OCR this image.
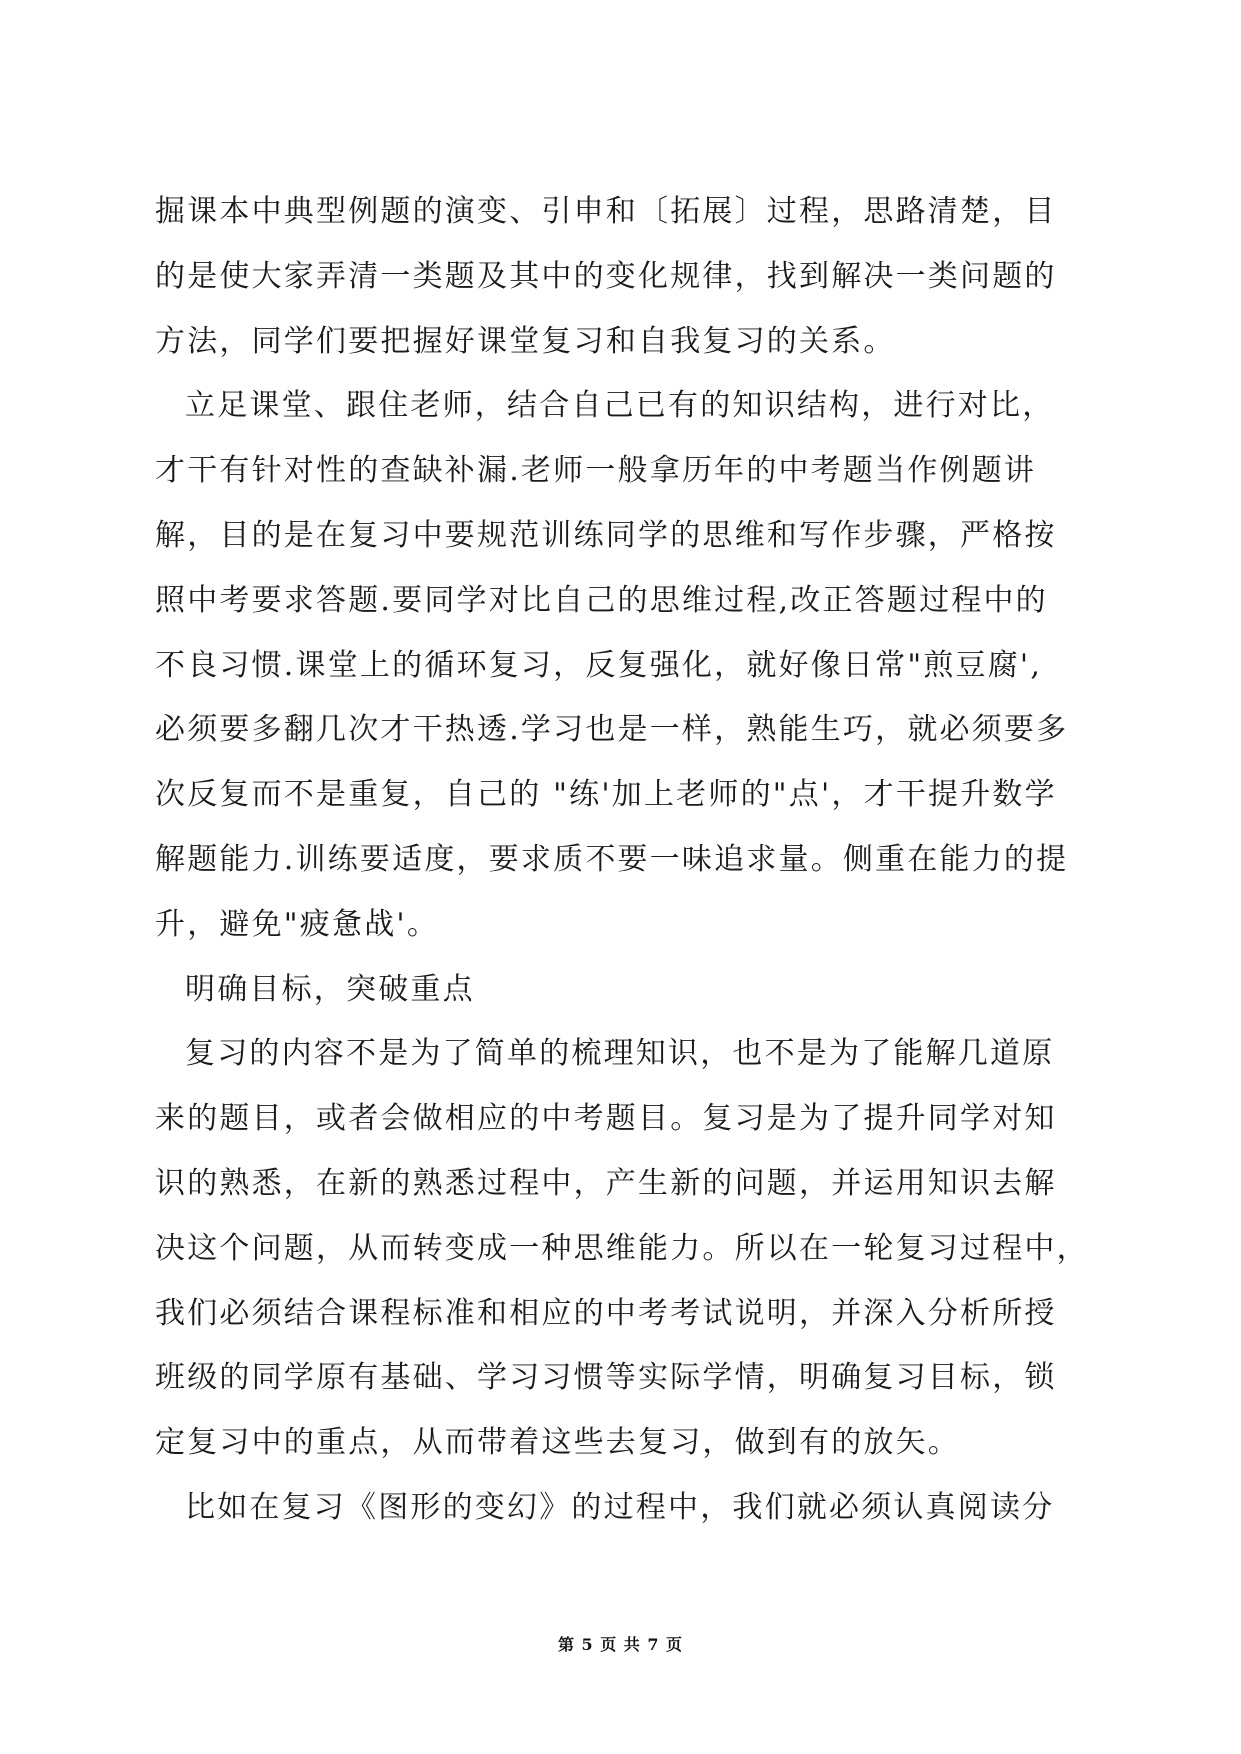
掘课本中典型例题的演变、引申和〔拓展〕过程，思路清楚，目
的是使大家弄清一类题及其中的变化规律，找到解决一类问题的
方法，同学们要把握好课堂复习和自我复习的关系。
立足课堂、跟住老师，结合自己已有的知识结构，进行对比，
才干有针对性的查缺补漏.老师一般拿历年的中考题当作例题讲
解，目的是在复习中要规范训练同学的思维和写作步骤，严格按
照中考要求答题.要同学对比自己的思维过程,改正答题过程中的
不良习惯.课堂上的循环复习，反复强化，就好像日常"煎豆腐',
必须要多翻几次才干热透.学习也是一样，熟能生巧，就必须要多
次反复而不是重复，自己的 "练'加上老师的"点'，才干提升数学
解题能力.训练要适度，要求质不要一味追求量。侧重在能力的提
升，避免"疲惫战'。
明确目标，突破重点
复习的内容不是为了简单的梳理知识，也不是为了能解几道原
来的题目，或者会做相应的中考题目。复习是为了提升同学对知
识的熟悉，在新的熟悉过程中，产生新的问题，并运用知识去解
决这个问题，从而转变成一种思维能力。所以在一轮复习过程中，
我们必须结合课程标准和相应的中考考试说明，并深入分析所授
班级的同学原有基础、学习习惯等实际学情，明确复习目标，锁
定复习中的重点，从而带着这些去复习，做到有的放矢。
比如在复习《图形的变幻》的过程中，我们就必须认真阅读分
第 5 页 共 7 页
